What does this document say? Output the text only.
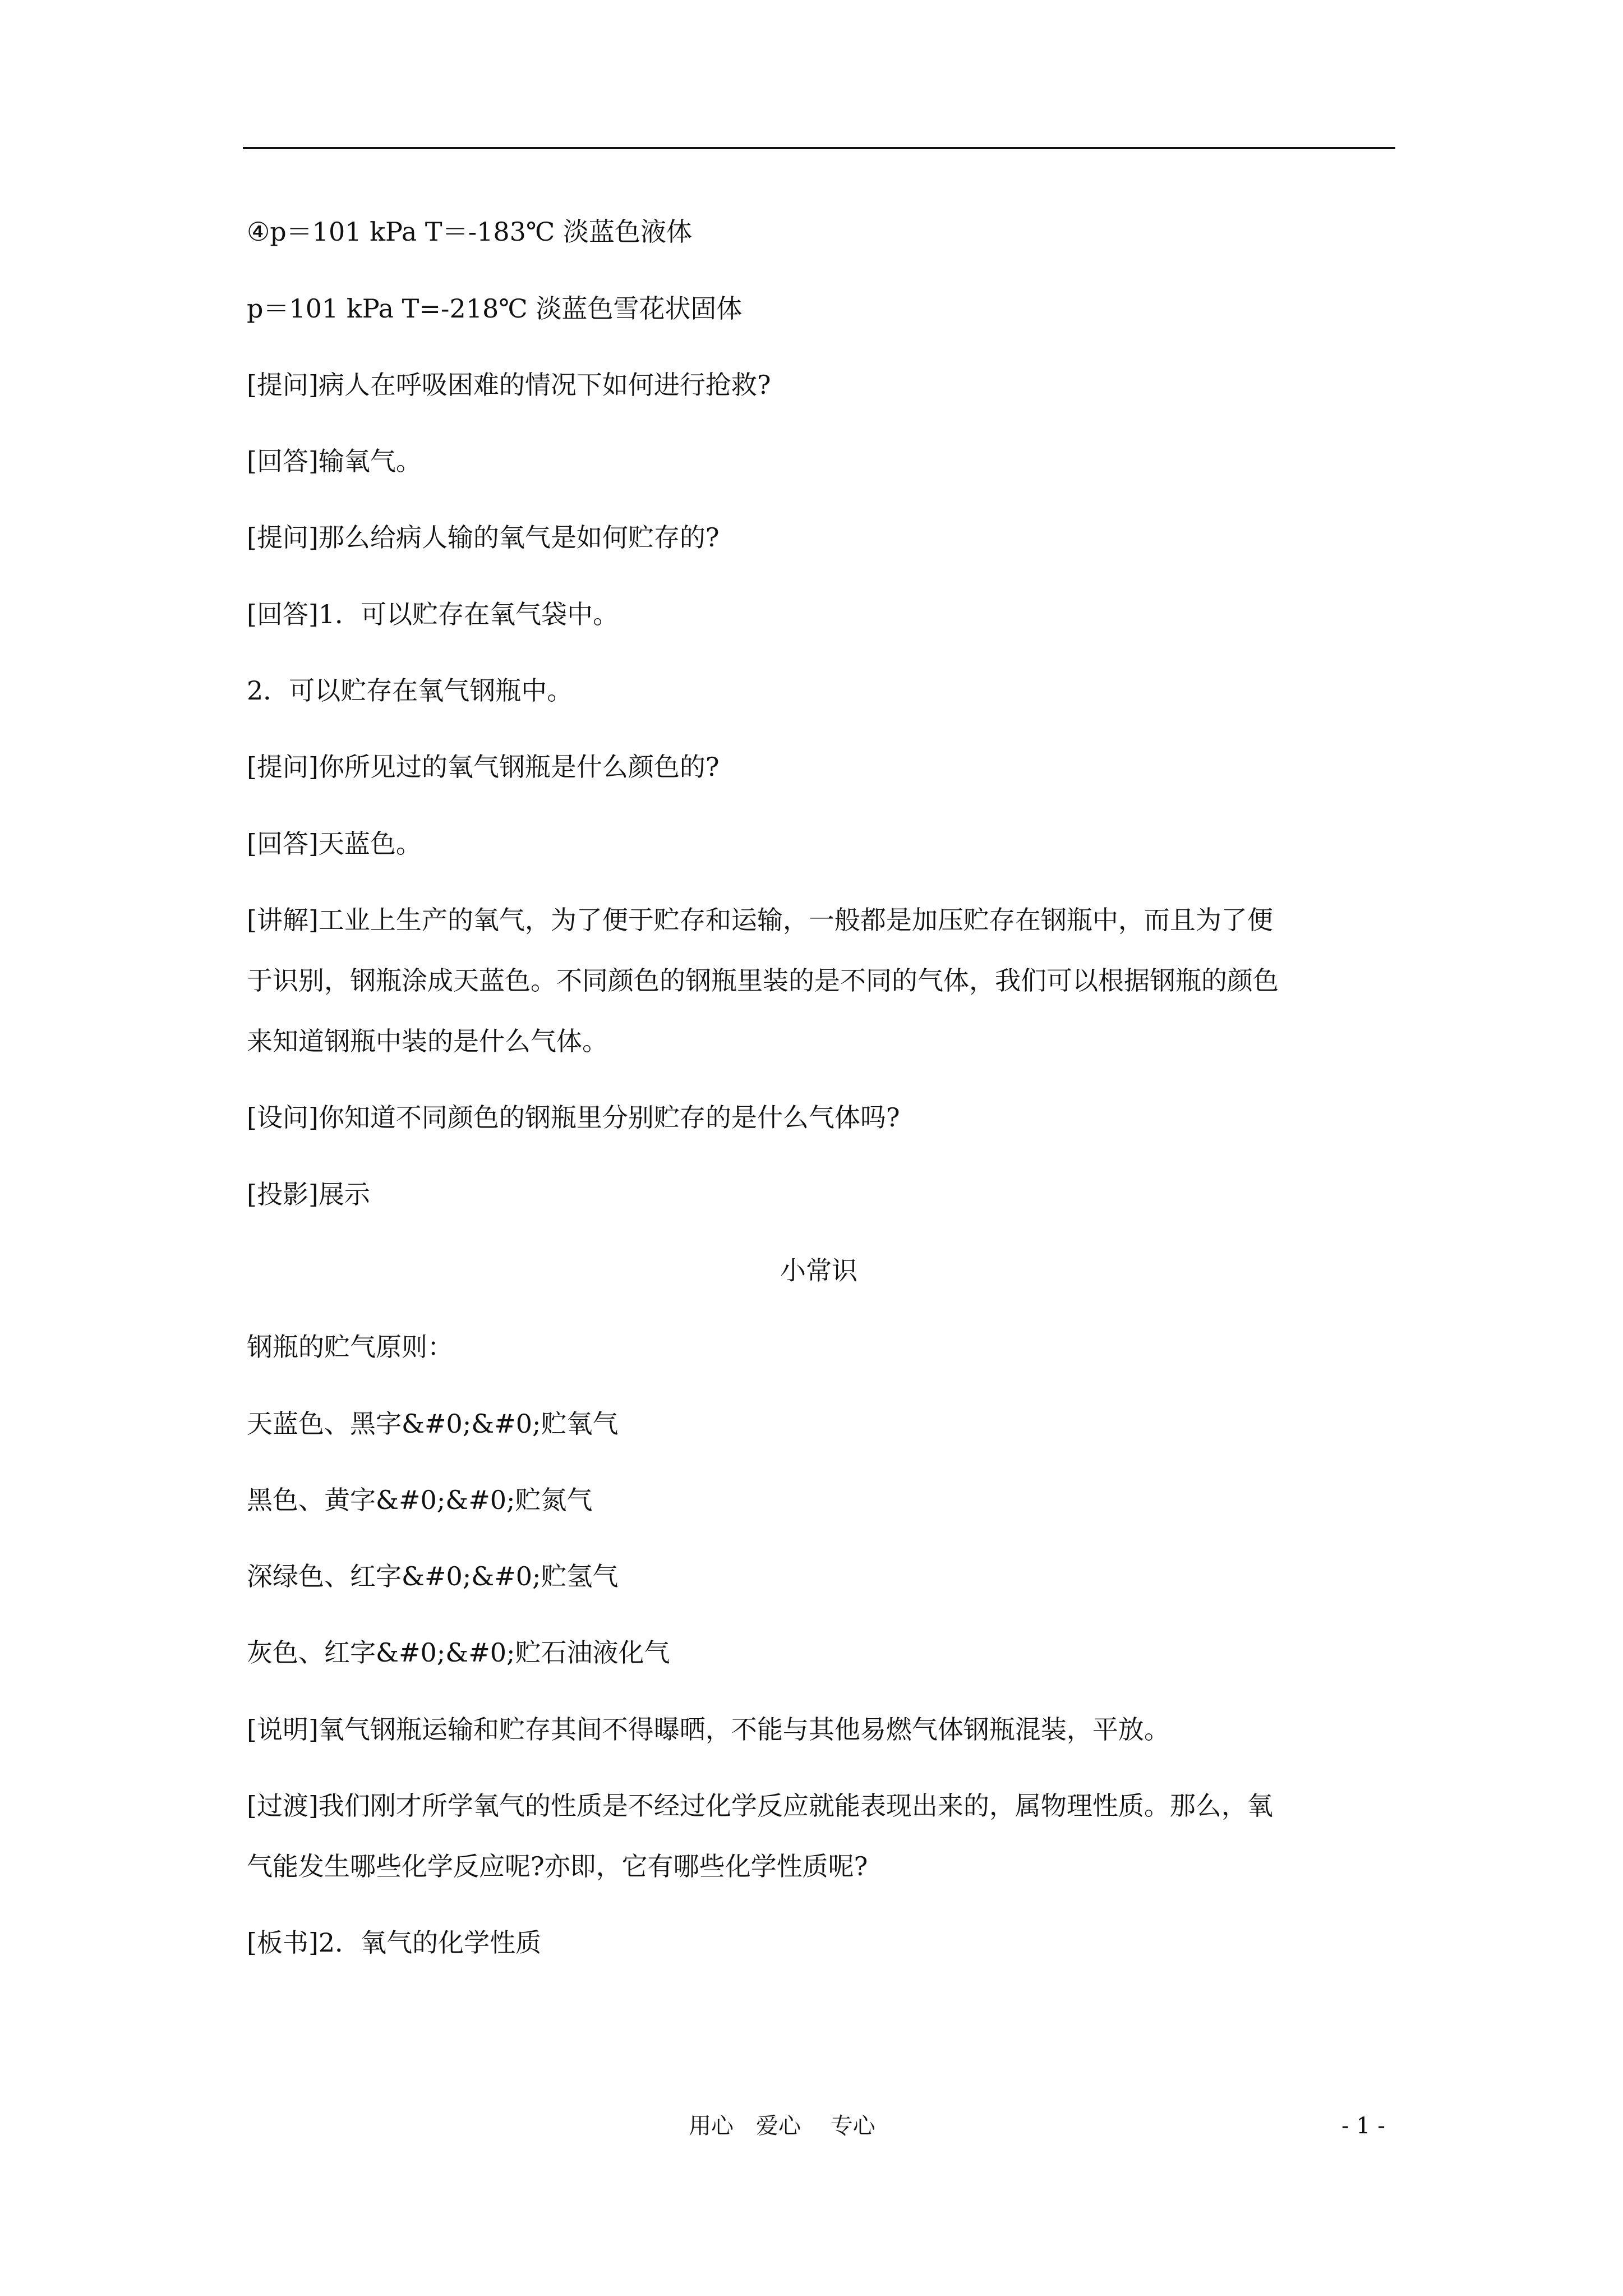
④p＝101 kPa T＝-183℃ 淡蓝色液体
p＝101 kPa T=-218℃ 淡蓝色雪花状固体
[提问]病人在呼吸困难的情况下如何进行抢救?
[回答]输氧气。
[提问]那么给病人输的氧气是如何贮存的?
[回答]1．可以贮存在氧气袋中。
2．可以贮存在氧气钢瓶中。
[提问]你所见过的氧气钢瓶是什么颜色的?
[回答]天蓝色。
[讲解]工业上生产的氧气，为了便于贮存和运输，一般都是加压贮存在钢瓶中，而且为了便
于识别，钢瓶涂成天蓝色。不同颜色的钢瓶里装的是不同的气体，我们可以根据钢瓶的颜色
来知道钢瓶中装的是什么气体。
[设问]你知道不同颜色的钢瓶里分别贮存的是什么气体吗?
[投影]展示
小常识
钢瓶的贮气原则：
天蓝色、黑字&#0;&#0;贮氧气
黑色、黄字&#0;&#0;贮氮气
深绿色、红字&#0;&#0;贮氢气
灰色、红字&#0;&#0;贮石油液化气
[说明]氧气钢瓶运输和贮存其间不得曝晒，不能与其他易燃气体钢瓶混装，平放。
[过渡]我们刚才所学氧气的性质是不经过化学反应就能表现出来的，属物理性质。那么，氧
气能发生哪些化学反应呢?亦即，它有哪些化学性质呢?
[板书]2．氧气的化学性质
用心　爱心　 专心	- 1 -
